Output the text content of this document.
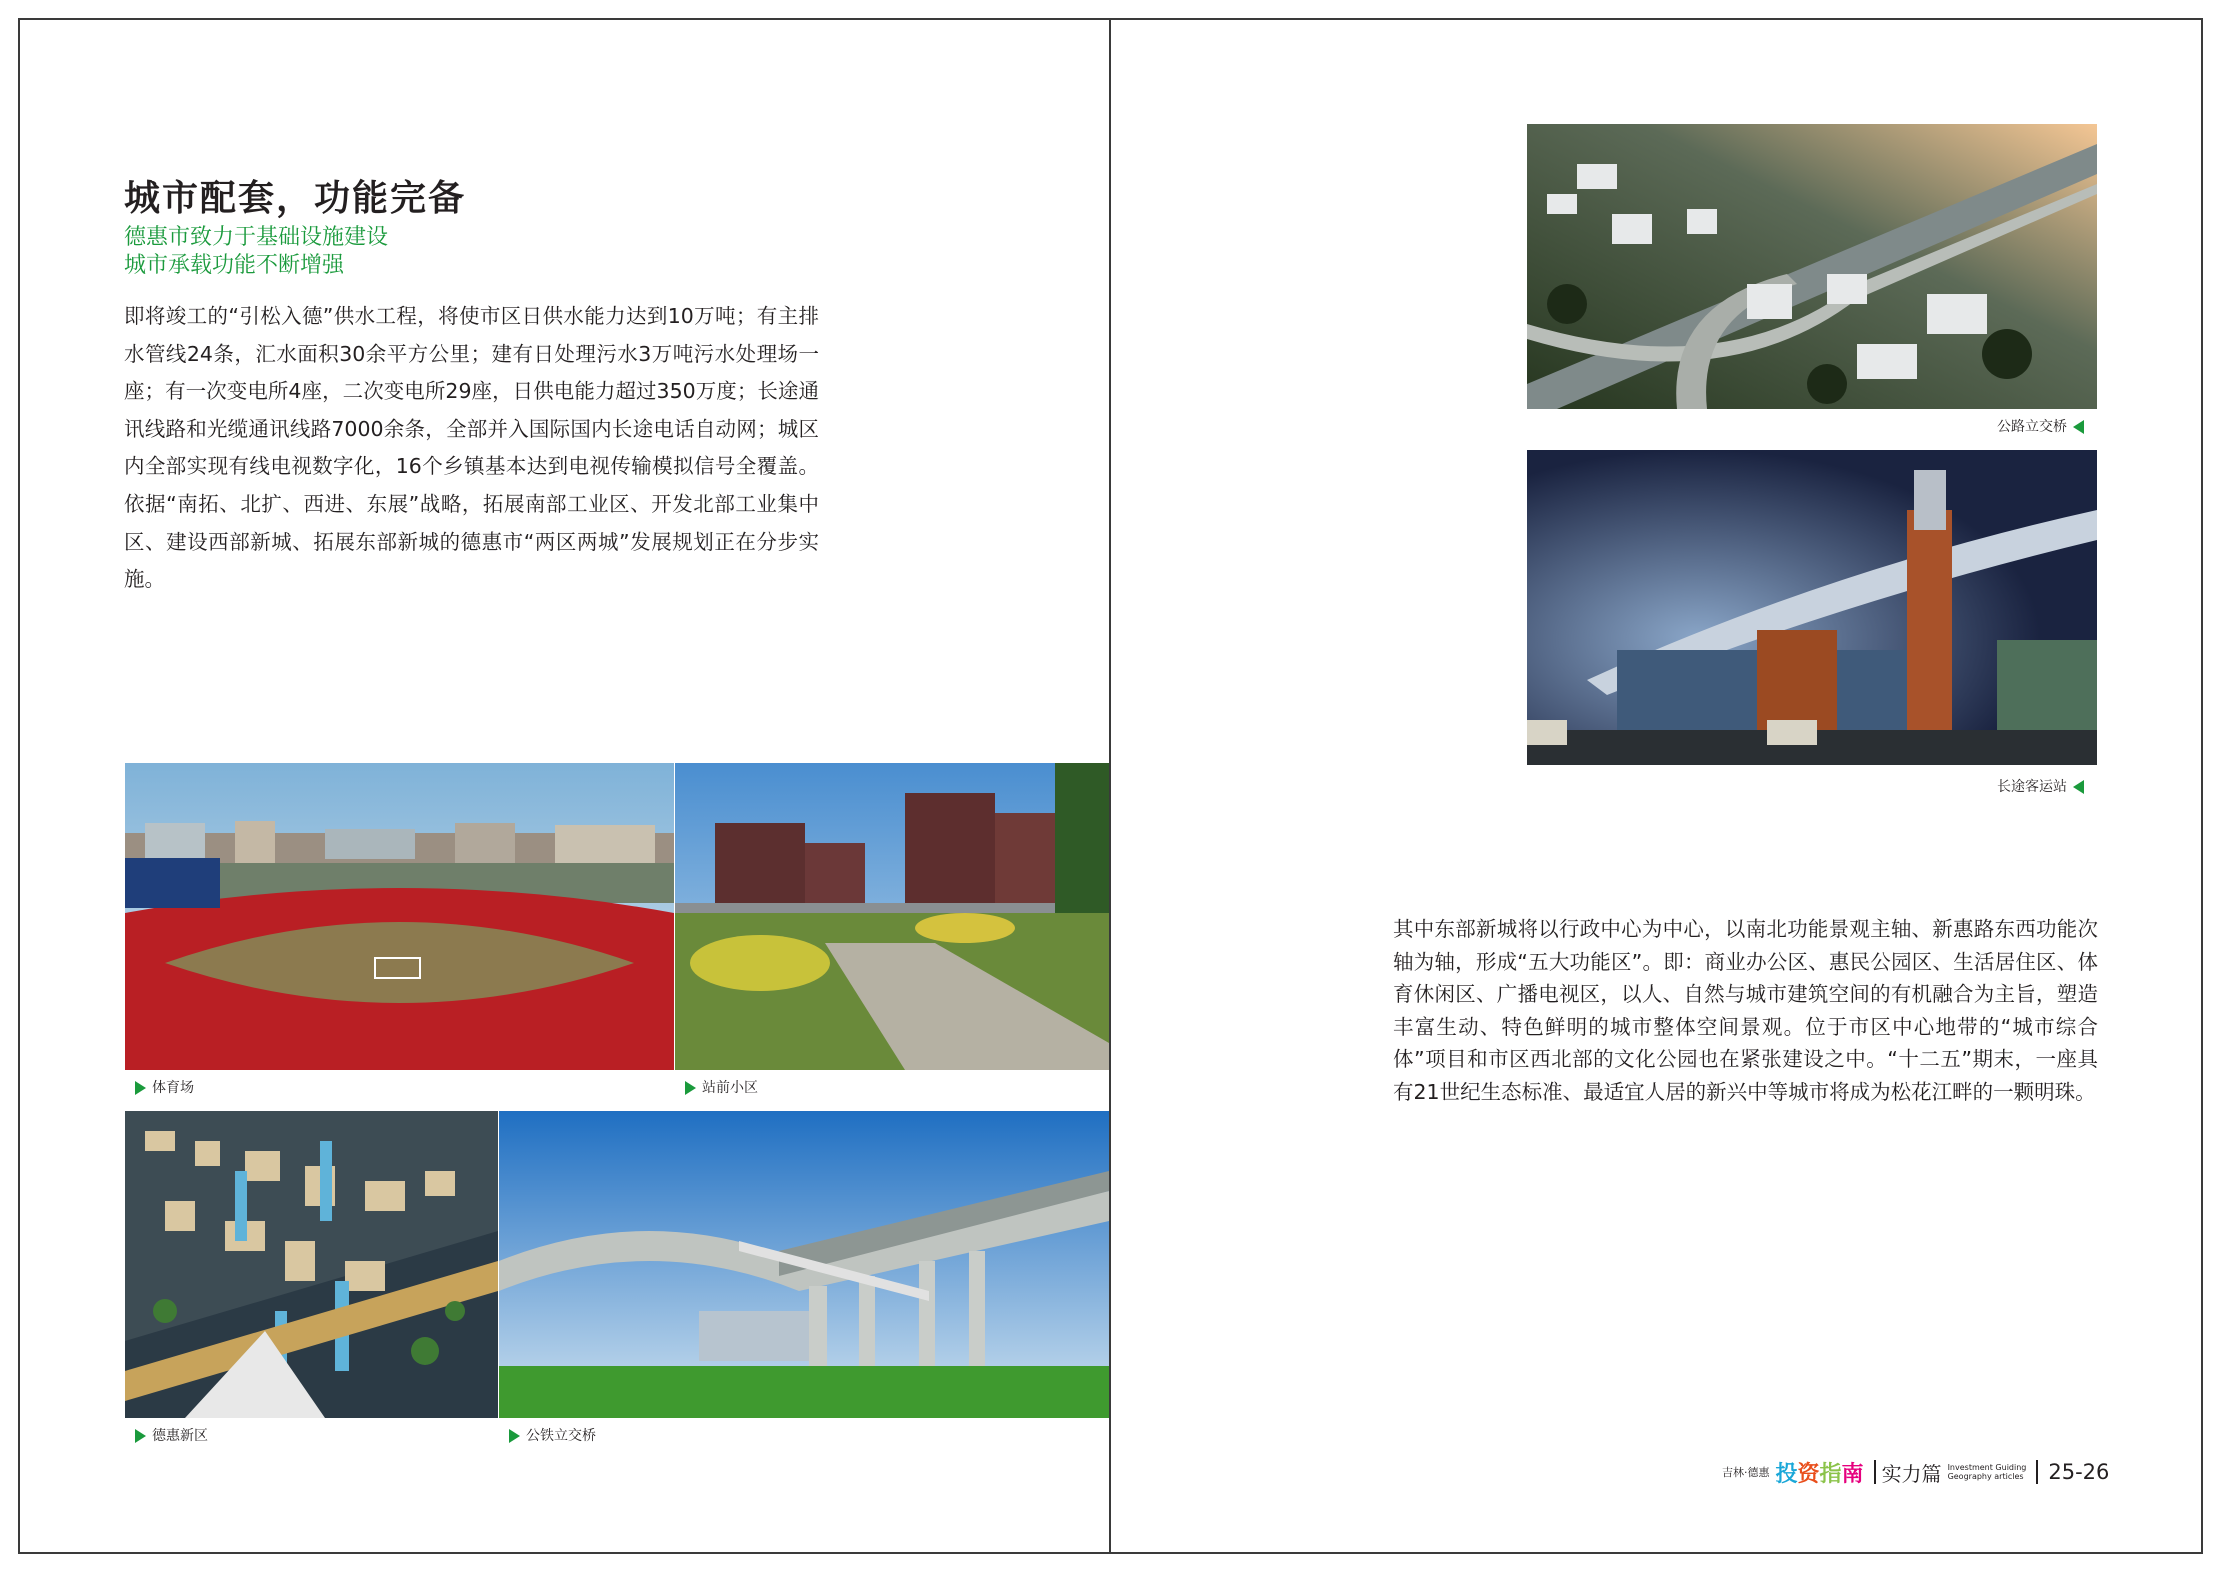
城市配套，功能完备

德惠市致力于基础设施建设

城市承载功能不断增强

即将竣工的“引松入德”供水工程，将使市区日供水能力达到10万吨；有主排水管线24条，汇水面积30余平方公里；建有日处理污水3万吨污水处理场一座；有一次变电所4座，二次变电所29座，日供电能力超过350万度；长途通讯线路和光缆通讯线路7000余条，全部并入国际国内长途电话自动网；城区内全部实现有线电视数字化，16个乡镇基本达到电视传输模拟信号全覆盖。依据“南拓、北扩、西进、东展”战略，拓展南部工业区、开发北部工业集中区、建设西部新城、拓展东部新城的德惠市“两区两城”发展规划正在分步实施。

体育场	站前小区
德惠新区	公铁立交桥
公路立交桥
长途客运站

其中东部新城将以行政中心为中心，以南北功能景观主轴、新惠路东西功能次轴为轴，形成“五大功能区”。即：商业办公区、惠民公园区、生活居住区、体育休闲区、广播电视区，以人、自然与城市建筑空间的有机融合为主旨，塑造丰富生动、特色鲜明的城市整体空间景观。位于市区中心地带的“城市综合体”项目和市区西北部的文化公园也在紧张建设之中。“十二五”期末，一座具有21世纪生态标准、最适宜人居的新兴中等城市将成为松花江畔的一颗明珠。

吉林·德惠 投资指南 实力篇 Investment Guiding
Geography articles 25-26
